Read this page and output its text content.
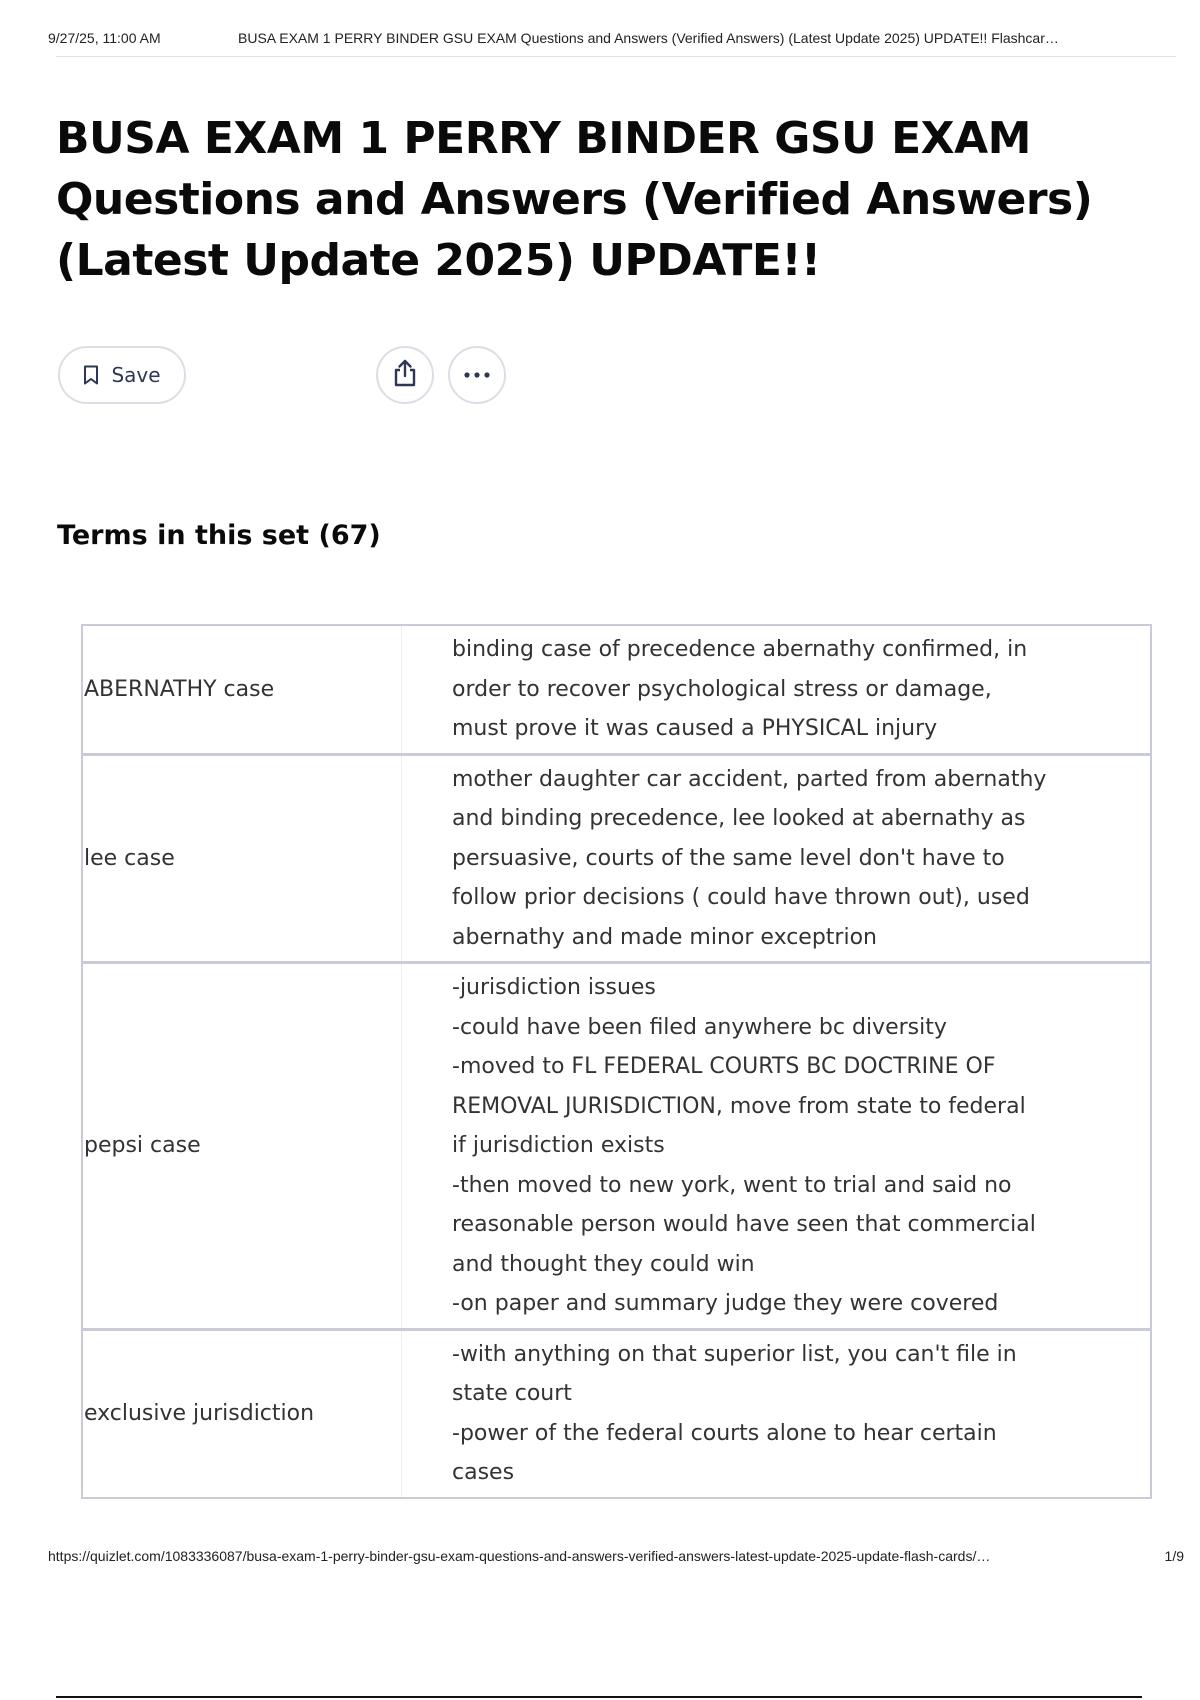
9/27/25, 11:00 AM	BUSA EXAM 1 PERRY BINDER GSU EXAM Questions and Answers (Verified Answers) (Latest Update 2025) UPDATE!! Flashcar…
BUSA EXAM 1 PERRY BINDER GSU EXAM Questions and Answers (Verified Answers) (Latest Update 2025) UPDATE!!
Save
Terms in this set (67)
ABERNATHY case
binding case of precedence abernathy confirmed, in
order to recover psychological stress or damage,
must prove it was caused a PHYSICAL injury
lee case
mother daughter car accident, parted from abernathy
and binding precedence, lee looked at abernathy as
persuasive, courts of the same level don't have to
follow prior decisions ( could have thrown out), used
abernathy and made minor exceptrion
pepsi case
-jurisdiction issues
-could have been filed anywhere bc diversity
-moved to FL FEDERAL COURTS BC DOCTRINE OF
REMOVAL JURISDICTION, move from state to federal
if jurisdiction exists
-then moved to new york, went to trial and said no
reasonable person would have seen that commercial
and thought they could win
-on paper and summary judge they were covered
exclusive jurisdiction
-with anything on that superior list, you can't file in
state court
-power of the federal courts alone to hear certain
cases
https://quizlet.com/1083336087/busa-exam-1-perry-binder-gsu-exam-questions-and-answers-verified-answers-latest-update-2025-update-flash-cards/…	1/9
